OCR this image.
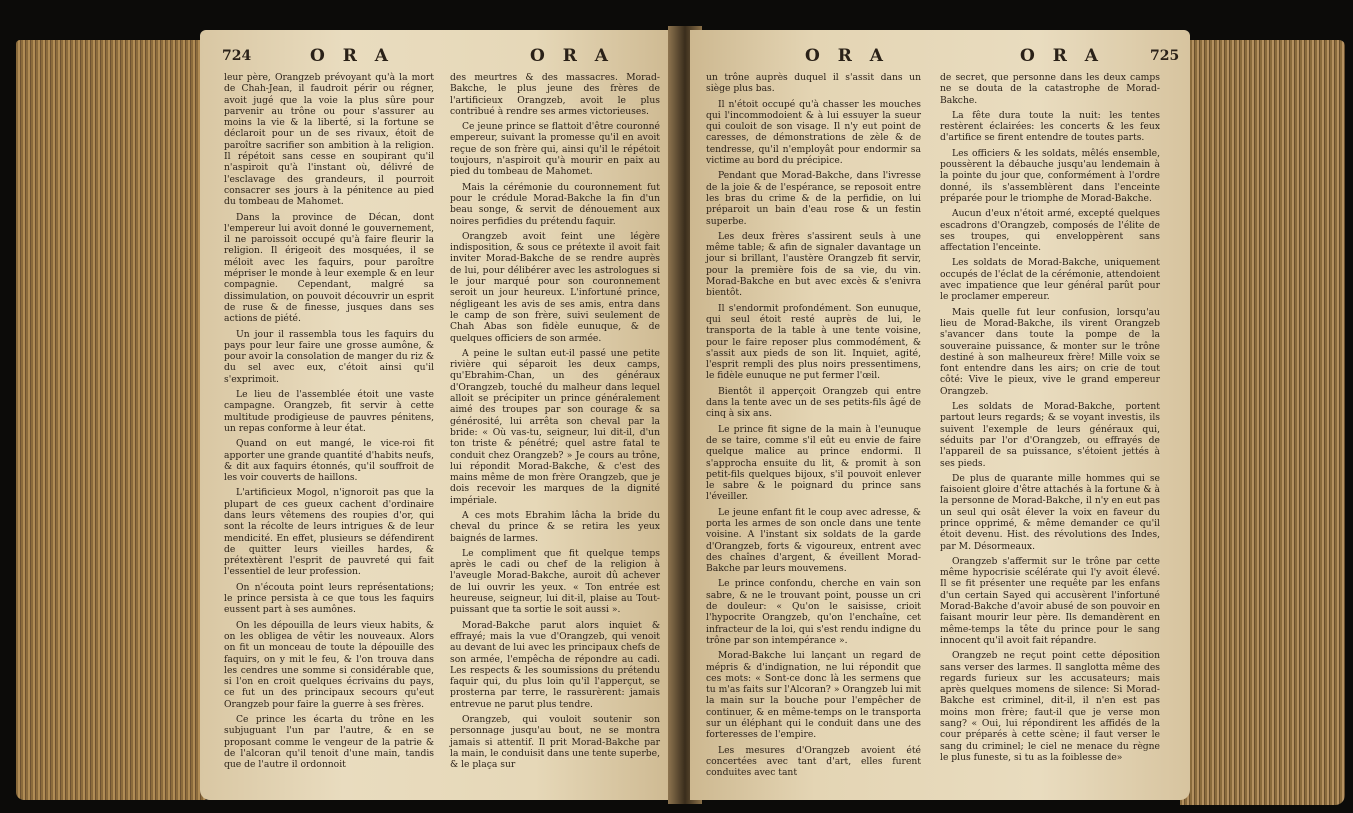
724	O R A	O R A

leur père, Orangzeb prévoyant qu'à la mort de Chah-Jean, il faudroit périr ou régner, avoit jugé que la voie la plus sûre pour parvenir au trône ou pour s'assurer au moins la vie & la liberté, si la fortune se déclaroit pour un de ses rivaux, étoit de paroître sacrifier son ambition à la religion. Il répétoit sans cesse en soupirant qu'il n'aspiroit qu'à l'instant où, délivré de l'esclavage des grandeurs, il pourroit consacrer ses jours à la pénitence au pied du tombeau de Mahomet.

Dans la province de Décan, dont l'empereur lui avoit donné le gouvernement, il ne paroissoit occupé qu'à faire fleurir la religion. Il érigeoit des mosquées, il se méloit avec les faquirs, pour paroître mépriser le monde à leur exemple & en leur compagnie. Cependant, malgré sa dissimulation, on pouvoit découvrir un esprit de ruse & de finesse, jusques dans ses actions de piété.

Un jour il rassembla tous les faquirs du pays pour leur faire une grosse aumône, & pour avoir la consolation de manger du riz & du sel avec eux, c'étoit ainsi qu'il s'exprimoit.

Le lieu de l'assemblée étoit une vaste campagne. Orangzeb, fit servir à cette multitude prodigieuse de pauvres pénitens, un repas conforme à leur état.

Quand on eut mangé, le vice-roi fit apporter une grande quantité d'habits neufs, & dit aux faquirs étonnés, qu'il souffroit de les voir couverts de haillons.

L'artificieux Mogol, n'ignoroit pas que la plupart de ces gueux cachent d'ordinaire dans leurs vêtemens des roupies d'or, qui sont la récolte de leurs intrigues & de leur mendicité. En effet, plusieurs se défendirent de quitter leurs vieilles hardes, & prétextèrent l'esprit de pauvreté qui fait l'essentiel de leur profession.

On n'écouta point leurs représentations; le prince persista à ce que tous les faquirs eussent part à ses aumônes.

On les dépouilla de leurs vieux habits, & on les obligea de vêtir les nouveaux. Alors on fit un monceau de toute la dépouille des faquirs, on y mit le feu, & l'on trouva dans les cendres une somme si considérable que, si l'on en croit quelques écrivains du pays, ce fut un des principaux secours qu'eut Orangzeb pour faire la guerre à ses frères.

Ce prince les écarta du trône en les subjuguant l'un par l'autre, & en se proposant comme le vengeur de la patrie & de l'alcoran qu'il tenoit d'une main, tandis que de l'autre il ordonnoit

des meurtres & des massacres. Morad-Bakche, le plus jeune des frères de l'artificieux Orangzeb, avoit le plus contribué à rendre ses armes victorieuses.

Ce jeune prince se flattoit d'être couronné empereur, suivant la promesse qu'il en avoit reçue de son frère qui, ainsi qu'il le répétoit toujours, n'aspiroit qu'à mourir en paix au pied du tombeau de Mahomet.

Mais la cérémonie du couronnement fut pour le crédule Morad-Bakche la fin d'un beau songe, & servit de dénouement aux noires perfidies du prétendu faquir.

Orangzeb avoit feint une légère indisposition, & sous ce prétexte il avoit fait inviter Morad-Bakche de se rendre auprès de lui, pour délibérer avec les astrologues si le jour marqué pour son couronnement seroit un jour heureux. L'infortuné prince, négligeant les avis de ses amis, entra dans le camp de son frère, suivi seulement de Chah Abas son fidèle eunuque, & de quelques officiers de son armée.

A peine le sultan eut-il passé une petite rivière qui séparoit les deux camps, qu'Ebrahim-Chan, un des généraux d'Orangzeb, touché du malheur dans lequel alloit se précipiter un prince généralement aimé des troupes par son courage & sa générosité, lui arrêta son cheval par la bride: « Où vas-tu, seigneur, lui dit-il, d'un ton triste & pénétré; quel astre fatal te conduit chez Orangzeb? » Je cours au trône, lui répondit Morad-Bakche, & c'est des mains même de mon frère Orangzeb, que je dois recevoir les marques de la dignité impériale.

A ces mots Ebrahim lâcha la bride du cheval du prince & se retira les yeux baignés de larmes.

Le compliment que fit quelque temps après le cadi ou chef de la religion à l'aveugle Morad-Bakche, auroit dû achever de lui ouvrir les yeux. « Ton entrée est heureuse, seigneur, lui dit-il, plaise au Tout-puissant que ta sortie le soit aussi ».

Morad-Bakche parut alors inquiet & effrayé; mais la vue d'Orangzeb, qui venoit au devant de lui avec les principaux chefs de son armée, l'empêcha de répondre au cadi. Les respects & les soumissions du prétendu faquir qui, du plus loin qu'il l'apperçut, se prosterna par terre, le rassurèrent: jamais entrevue ne parut plus tendre.

Orangzeb, qui vouloit soutenir son personnage jusqu'au bout, ne se montra jamais si attentif. Il prit Morad-Bakche par la main, le conduisit dans une tente superbe, & le plaça sur

O R A	O R A	725

un trône auprès duquel il s'assit dans un siège plus bas.

Il n'étoit occupé qu'à chasser les mouches qui l'incommodoient & à lui essuyer la sueur qui couloit de son visage. Il n'y eut point de caresses, de démonstrations de zèle & de tendresse, qu'il n'employât pour endormir sa victime au bord du précipice.

Pendant que Morad-Bakche, dans l'ivresse de la joie & de l'espérance, se reposoit entre les bras du crime & de la perfidie, on lui préparoit un bain d'eau rose & un festin superbe.

Les deux frères s'assirent seuls à une même table; & afin de signaler davantage un jour si brillant, l'austère Orangzeb fit servir, pour la première fois de sa vie, du vin. Morad-Bakche en but avec excès & s'enivra bientôt.

Il s'endormit profondément. Son eunuque, qui seul étoit resté auprès de lui, le transporta de la table à une tente voisine, pour le faire reposer plus commodément, & s'assit aux pieds de son lit. Inquiet, agité, l'esprit rempli des plus noirs pressentimens, le fidèle eunuque ne put fermer l'œil.

Bientôt il apperçoit Orangzeb qui entre dans la tente avec un de ses petits-fils âgé de cinq à six ans.

Le prince fit signe de la main à l'eunuque de se taire, comme s'il eût eu envie de faire quelque malice au prince endormi. Il s'approcha ensuite du lit, & promit à son petit-fils quelques bijoux, s'il pouvoit enlever le sabre & le poignard du prince sans l'éveiller.

Le jeune enfant fit le coup avec adresse, & porta les armes de son oncle dans une tente voisine. A l'instant six soldats de la garde d'Orangzeb, forts & vigoureux, entrent avec des chaînes d'argent, & éveillent Morad-Bakche par leurs mouvemens.

Le prince confondu, cherche en vain son sabre, & ne le trouvant point, pousse un cri de douleur: « Qu'on le saisisse, crioit l'hypocrite Orangzeb, qu'on l'enchaîne, cet infracteur de la loi, qui s'est rendu indigne du trône par son intempérance ».

Morad-Bakche lui lançant un regard de mépris & d'indignation, ne lui répondit que ces mots: « Sont-ce donc là les sermens que tu m'as faits sur l'Alcoran? » Orangzeb lui mit la main sur la bouche pour l'empêcher de continuer, & en même-temps on le transporta sur un éléphant qui le conduit dans une des forteresses de l'empire.

Les mesures d'Orangzeb avoient été concertées avec tant d'art, elles furent conduites avec tant

de secret, que personne dans les deux camps ne se douta de la catastrophe de Morad-Bakche.

La fête dura toute la nuit: les tentes restèrent éclairées: les concerts & les feux d'artifice se firent entendre de toutes parts.

Les officiers & les soldats, mêlés ensemble, poussèrent la débauche jusqu'au lendemain à la pointe du jour que, conformément à l'ordre donné, ils s'assemblèrent dans l'enceinte préparée pour le triomphe de Morad-Bakche.

Aucun d'eux n'étoit armé, excepté quelques escadrons d'Orangzeb, composés de l'élite de ses troupes, qui enveloppèrent sans affectation l'enceinte.

Les soldats de Morad-Bakche, uniquement occupés de l'éclat de la cérémonie, attendoient avec impatience que leur général parût pour le proclamer empereur.

Mais quelle fut leur confusion, lorsqu'au lieu de Morad-Bakche, ils virent Orangzeb s'avancer dans toute la pompe de la souveraine puissance, & monter sur le trône destiné à son malheureux frère! Mille voix se font entendre dans les airs; on crie de tout côté: Vive le pieux, vive le grand empereur Orangzeb.

Les soldats de Morad-Bakche, portent partout leurs regards; & se voyant investis, ils suivent l'exemple de leurs généraux qui, séduits par l'or d'Orangzeb, ou effrayés de l'appareil de sa puissance, s'étoient jettés à ses pieds.

De plus de quarante mille hommes qui se faisoient gloire d'être attachés à la fortune & à la personne de Morad-Bakche, il n'y en eut pas un seul qui osât élever la voix en faveur du prince opprimé, & même demander ce qu'il étoit devenu. Hist. des révolutions des Indes, par M. Désormeaux.

Orangzeb s'affermit sur le trône par cette même hypocrisie scélérate qui l'y avoit élevé. Il se fit présenter une requête par les enfans d'un certain Sayed qui accusèrent l'infortuné Morad-Bakche d'avoir abusé de son pouvoir en faisant mourir leur père. Ils demandèrent en même-temps la tête du prince pour le sang innocent qu'il avoit fait répandre.

Orangzeb ne reçut point cette déposition sans verser des larmes. Il sanglotta même des regards furieux sur les accusateurs; mais après quelques momens de silence: Si Morad-Bakche est criminel, dit-il, il n'en est pas moins mon frère; faut-il que je verse mon sang? « Oui, lui répondirent les affidés de la cour préparés à cette scène; il faut verser le sang du criminel; le ciel ne menace du règne le plus funeste, si tu as la foiblesse de»
